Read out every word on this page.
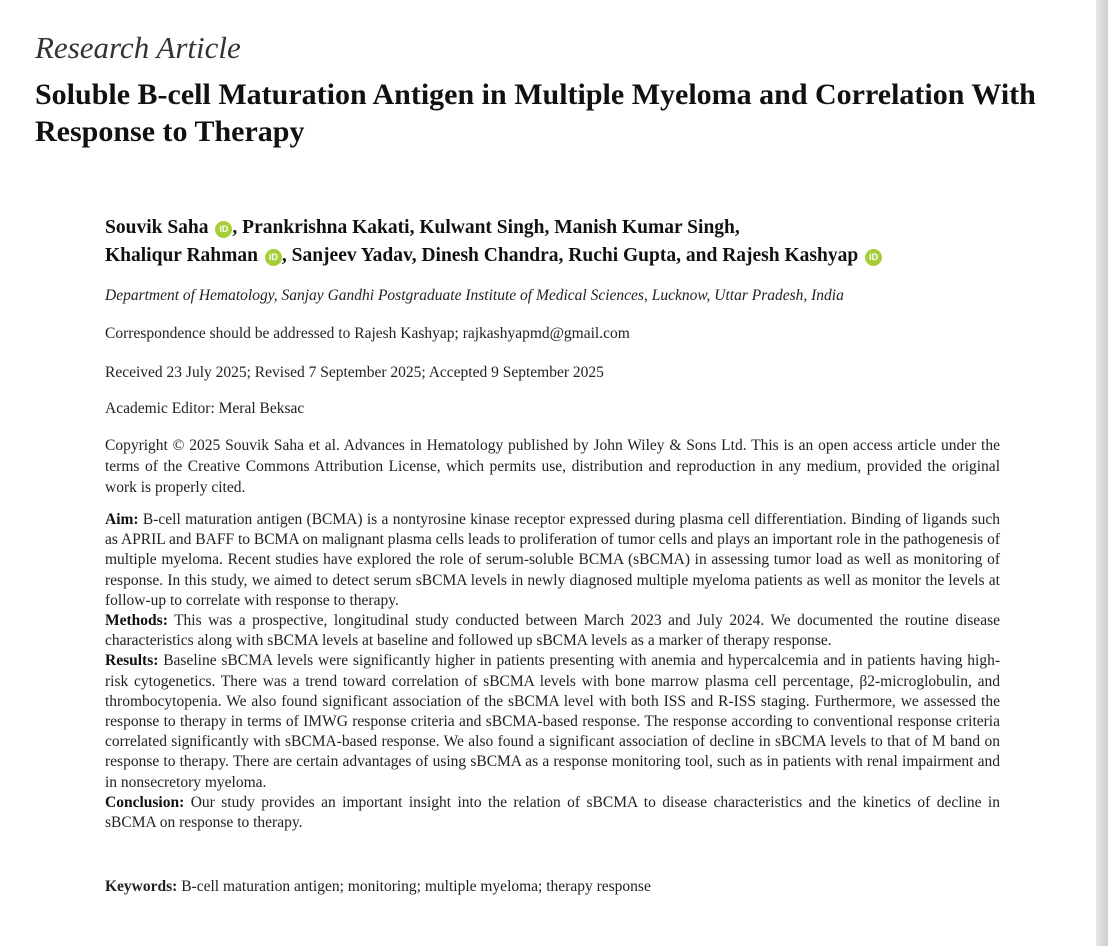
Research Article
Soluble B-cell Maturation Antigen in Multiple Myeloma and Correlation With Response to Therapy
Souvik Saha iD , Prankrishna Kakati, Kulwant Singh, Manish Kumar Singh,
Khaliqur Rahman iD , Sanjeev Yadav, Dinesh Chandra, Ruchi Gupta, and Rajesh Kashyap iD
Department of Hematology, Sanjay Gandhi Postgraduate Institute of Medical Sciences, Lucknow, Uttar Pradesh, India
Correspondence should be addressed to Rajesh Kashyap; rajkashyapmd@gmail.com
Received 23 July 2025; Revised 7 September 2025; Accepted 9 September 2025
Academic Editor: Meral Beksac
Copyright © 2025 Souvik Saha et al. Advances in Hematology published by John Wiley & Sons Ltd. This is an open access article under the terms of the Creative Commons Attribution License, which permits use, distribution and reproduction in any medium, provided the original work is properly cited.

Aim: B-cell maturation antigen (BCMA) is a nontyrosine kinase receptor expressed during plasma cell differentiation. Binding of ligands such as APRIL and BAFF to BCMA on malignant plasma cells leads to proliferation of tumor cells and plays an important role in the pathogenesis of multiple myeloma. Recent studies have explored the role of serum-soluble BCMA (sBCMA) in assessing tumor load as well as monitoring of response. In this study, we aimed to detect serum sBCMA levels in newly diagnosed multiple myeloma patients as well as monitor the levels at follow-up to correlate with response to therapy.

Methods: This was a prospective, longitudinal study conducted between March 2023 and July 2024. We documented the routine disease characteristics along with sBCMA levels at baseline and followed up sBCMA levels as a marker of therapy response.

Results: Baseline sBCMA levels were significantly higher in patients presenting with anemia and hypercalcemia and in patients having high-risk cytogenetics. There was a trend toward correlation of sBCMA levels with bone marrow plasma cell percentage, β2-microglobulin, and thrombocytopenia. We also found significant association of the sBCMA level with both ISS and R-ISS staging. Furthermore, we assessed the response to therapy in terms of IMWG response criteria and sBCMA-based response. The response according to conventional response criteria correlated significantly with sBCMA-based response. We also found a significant association of decline in sBCMA levels to that of M band on response to therapy. There are certain advantages of using sBCMA as a response monitoring tool, such as in patients with renal impairment and in nonsecretory myeloma.

Conclusion: Our study provides an important insight into the relation of sBCMA to disease characteristics and the kinetics of decline in sBCMA on response to therapy.

Keywords: B-cell maturation antigen; monitoring; multiple myeloma; therapy response
